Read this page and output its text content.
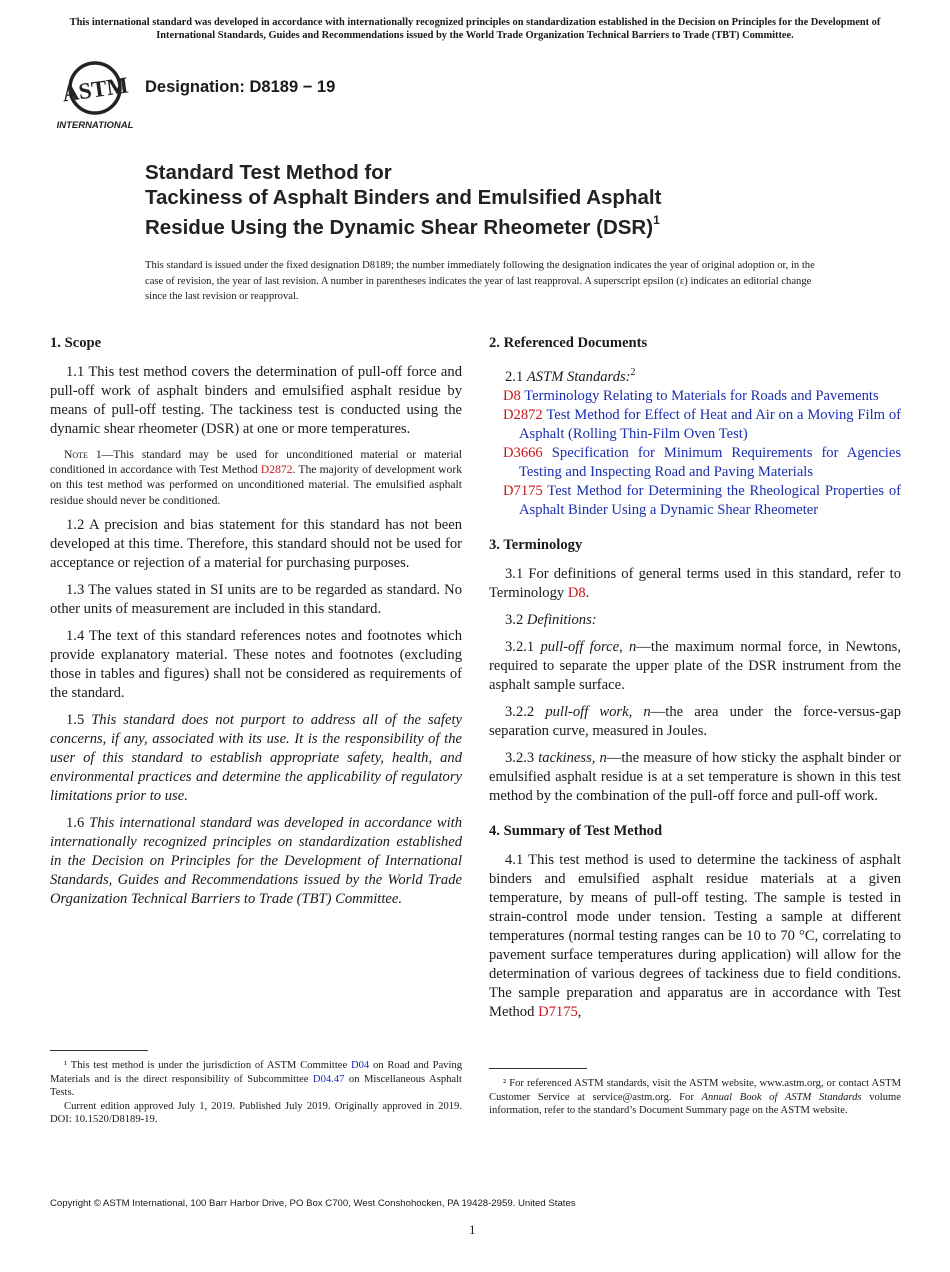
This international standard was developed in accordance with internationally recognized principles on standardization established in the Decision on Principles for the Development of International Standards, Guides and Recommendations issued by the World Trade Organization Technical Barriers to Trade (TBT) Committee.
ASTM
INTERNATIONAL
Designation: D8189 − 19
Standard Test Method for
Tackiness of Asphalt Binders and Emulsified Asphalt
Residue Using the Dynamic Shear Rheometer (DSR)$^1$
This standard is issued under the fixed designation D8189; the number immediately following the designation indicates the year of original adoption or, in the case of revision, the year of last revision. A number in parentheses indicates the year of last reapproval. A superscript epsilon (ε) indicates an editorial change since the last revision or reapproval.
1. Scope

1.1 This test method covers the determination of pull-off force and pull-off work of asphalt binders and emulsified asphalt residue by means of pull-off testing. The tackiness test is conducted using the dynamic shear rheometer (DSR) at one or more temperatures.

Note 1—This standard may be used for unconditioned material or material conditioned in accordance with Test Method D2872. The majority of development work on this test method was performed on unconditioned material. The emulsified asphalt residue should never be conditioned.

1.2 A precision and bias statement for this standard has not been developed at this time. Therefore, this standard should not be used for acceptance or rejection of a material for purchasing purposes.

1.3 The values stated in SI units are to be regarded as standard. No other units of measurement are included in this standard.

1.4 The text of this standard references notes and footnotes which provide explanatory material. These notes and footnotes (excluding those in tables and figures) shall not be considered as requirements of the standard.

1.5 This standard does not purport to address all of the safety concerns, if any, associated with its use. It is the responsibility of the user of this standard to establish appropriate safety, health, and environmental practices and determine the applicability of regulatory limitations prior to use.

1.6 This international standard was developed in accordance with internationally recognized principles on standardization established in the Decision on Principles for the Development of International Standards, Guides and Recommendations issued by the World Trade Organization Technical Barriers to Trade (TBT) Committee.

¹ This test method is under the jurisdiction of ASTM Committee D04 on Road and Paving Materials and is the direct responsibility of Subcommittee D04.47 on Miscellaneous Asphalt Tests.

Current edition approved July 1, 2019. Published July 2019. Originally approved in 2019. DOI: 10.1520/D8189-19.

2. Referenced Documents
2.1 ASTM Standards:$^2$
D8 Terminology Relating to Materials for Roads and Pavements
D2872 Test Method for Effect of Heat and Air on a Moving Film of Asphalt (Rolling Thin-Film Oven Test)
D3666 Specification for Minimum Requirements for Agencies Testing and Inspecting Road and Paving Materials
D7175 Test Method for Determining the Rheological Properties of Asphalt Binder Using a Dynamic Shear Rheometer
3. Terminology

3.1 For definitions of general terms used in this standard, refer to Terminology D8.

3.2 Definitions:

3.2.1 pull-off force, n—the maximum normal force, in Newtons, required to separate the upper plate of the DSR instrument from the asphalt sample surface.

3.2.2 pull-off work, n—the area under the force-versus-gap separation curve, measured in Joules.

3.2.3 tackiness, n—the measure of how sticky the asphalt binder or emulsified asphalt residue is at a set temperature is shown in this test method by the combination of the pull-off force and pull-off work.

4. Summary of Test Method

4.1 This test method is used to determine the tackiness of asphalt binders and emulsified asphalt residue materials at a given temperature, by means of pull-off testing. The sample is tested in strain-control mode under tension. Testing a sample at different temperatures (normal testing ranges can be 10 to 70 °C, correlating to pavement surface temperatures during application) will allow for the determination of various degrees of tackiness due to field conditions. The sample preparation and apparatus are in accordance with Test Method D7175,

² For referenced ASTM standards, visit the ASTM website, www.astm.org, or contact ASTM Customer Service at service@astm.org. For Annual Book of ASTM Standards volume information, refer to the standard’s Document Summary page on the ASTM website.

Copyright © ASTM International, 100 Barr Harbor Drive, PO Box C700, West Conshohocken, PA 19428-2959. United States
1
